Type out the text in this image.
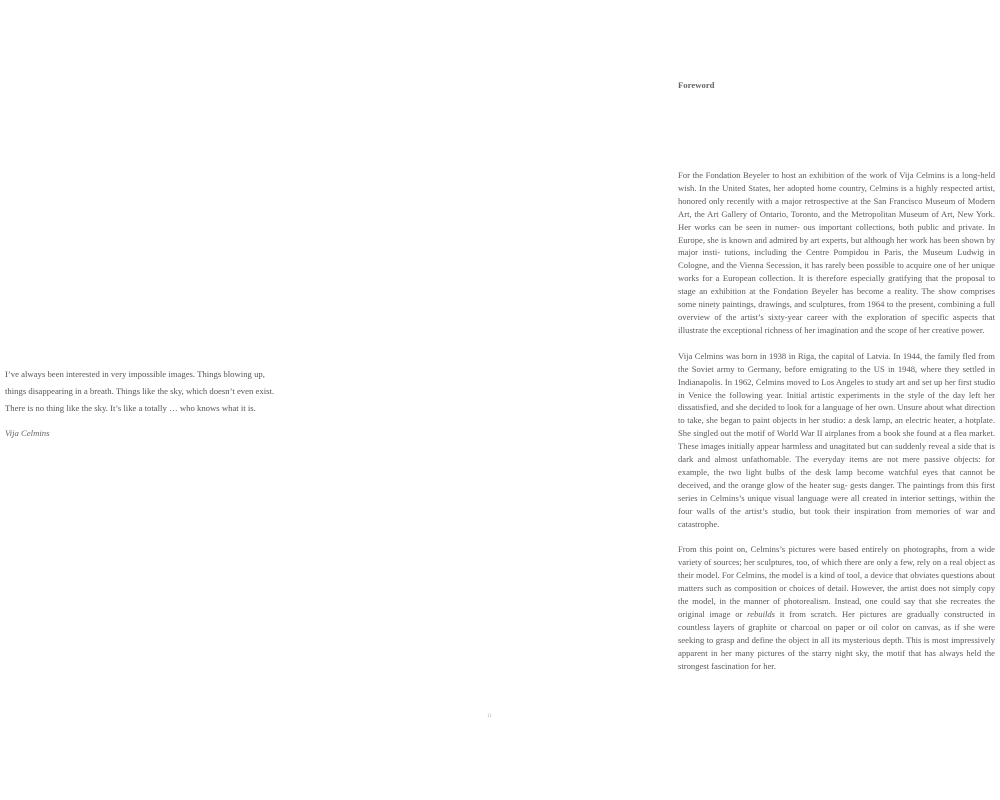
I’ve always been interested in very impossible images. Things blowing up,
things disappearing in a breath. Things like the sky, which doesn’t even exist.
There is no thing like the sky. It’s like a totally … who knows what it is.

Vija Celmins

11
Foreword

For the Fondation Beyeler to host an exhibition of the work of Vija Celmins is a long-held wish. In the United States, her adopted home country, Celmins is a highly respected artist, honored only recently with a major retrospective at the San Francisco Museum of Modern Art, the Art Gallery of Ontario, Toronto, and the Metropolitan Museum of Art, New York. Her works can be seen in numer- ous important collections, both public and private. In Europe, she is known and admired by art experts, but although her work has been shown by major insti- tutions, including the Centre Pompidou in Paris, the Museum Ludwig in Cologne, and the Vienna Secession, it has rarely been possible to acquire one of her unique works for a European collection. It is therefore especially gratifying that the proposal to stage an exhibition at the Fondation Beyeler has become a reality. The show comprises some ninety paintings, drawings, and sculptures, from 1964 to the present, combining a full overview of the artist’s sixty-year career with the exploration of specific aspects that illustrate the exceptional richness of her imagination and the scope of her creative power.

Vija Celmins was born in 1938 in Riga, the capital of Latvia. In 1944, the family fled from the Soviet army to Germany, before emigrating to the US in 1948, where they settled in Indianapolis. In 1962, Celmins moved to Los Angeles to study art and set up her first studio in Venice the following year. Initial artistic experiments in the style of the day left her dissatisfied, and she decided to look for a language of her own. Unsure about what direction to take, she began to paint objects in her studio: a desk lamp, an electric heater, a hotplate. She singled out the motif of World War II airplanes from a book she found at a flea market. These images initially appear harmless and unagitated but can suddenly reveal a side that is dark and almost unfathomable. The everyday items are not mere passive objects: for example, the two light bulbs of the desk lamp become watchful eyes that cannot be deceived, and the orange glow of the heater sug- gests danger. The paintings from this first series in Celmins’s unique visual language were all created in interior settings, within the four walls of the artist’s studio, but took their inspiration from memories of war and catastrophe.

From this point on, Celmins’s pictures were based entirely on photographs, from a wide variety of sources; her sculptures, too, of which there are only a few, rely on a real object as their model. For Celmins, the model is a kind of tool, a device that obviates questions about matters such as composition or choices of detail. However, the artist does not simply copy the model, in the manner of photorealism. Instead, one could say that she recreates the original image or rebuilds it from scratch. Her pictures are gradually constructed in countless layers of graphite or charcoal on paper or oil color on canvas, as if she were seeking to grasp and define the object in all its mysterious depth. This is most impressively apparent in her many pictures of the starry night sky, the motif that has always held the strongest fascination for her.
